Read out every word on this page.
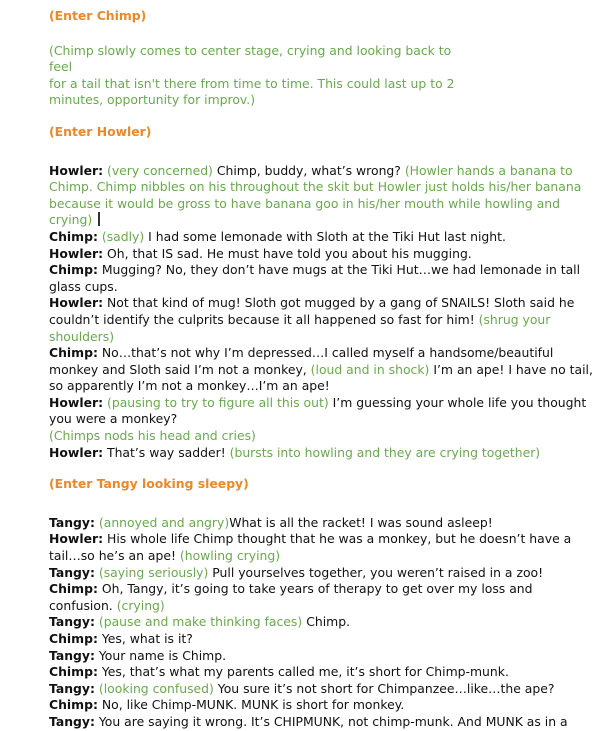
(Enter Chimp)
(Chimp slowly comes to center stage, crying and looking back to feel
for a tail that isn't there from time to time. This could last up to 2
minutes, opportunity for improv.)
(Enter Howler)
Howler: (very concerned) Chimp, buddy, what’s wrong? (Howler hands a banana to Chimp. Chimp nibbles on his throughout the skit but Howler just holds his/her banana because it would be gross to have banana goo in his/her mouth while howling and crying)
Chimp: (sadly) I had some lemonade with Sloth at the Tiki Hut last night.
Howler: Oh, that IS sad. He must have told you about his mugging.
Chimp: Mugging? No, they don’t have mugs at the Tiki Hut…we had lemonade in tall glass cups.
Howler: Not that kind of mug! Sloth got mugged by a gang of SNAILS! Sloth said he couldn’t identify the culprits because it all happened so fast for him! (shrug your shoulders)
Chimp: No…that’s not why I’m depressed…I called myself a handsome/beautiful monkey and Sloth said I’m not a monkey, (loud and in shock) I’m an ape! I have no tail, so apparently I’m not a monkey…I’m an ape!
Howler: (pausing to try to figure all this out) I’m guessing your whole life you thought you were a monkey?
(Chimps nods his head and cries)
Howler: That’s way sadder! (bursts into howling and they are crying together)
(Enter Tangy looking sleepy)
Tangy: (annoyed and angry)What is all the racket! I was sound asleep!
Howler: His whole life Chimp thought that he was a monkey, but he doesn’t have a tail…so he’s an ape! (howling crying)
Tangy: (saying seriously) Pull yourselves together, you weren’t raised in a zoo!
Chimp: Oh, Tangy, it’s going to take years of therapy to get over my loss and confusion. (crying)
Tangy: (pause and make thinking faces) Chimp.
Chimp: Yes, what is it?
Tangy: Your name is Chimp.
Chimp: Yes, that’s what my parents called me, it’s short for Chimp-munk.
Tangy: (looking confused) You sure it’s not short for Chimpanzee…like…the ape?
Chimp: No, like Chimp-MUNK. MUNK is short for monkey.
Tangy: You are saying it wrong. It’s CHIPMUNK, not chimp-munk. And MUNK as in a
